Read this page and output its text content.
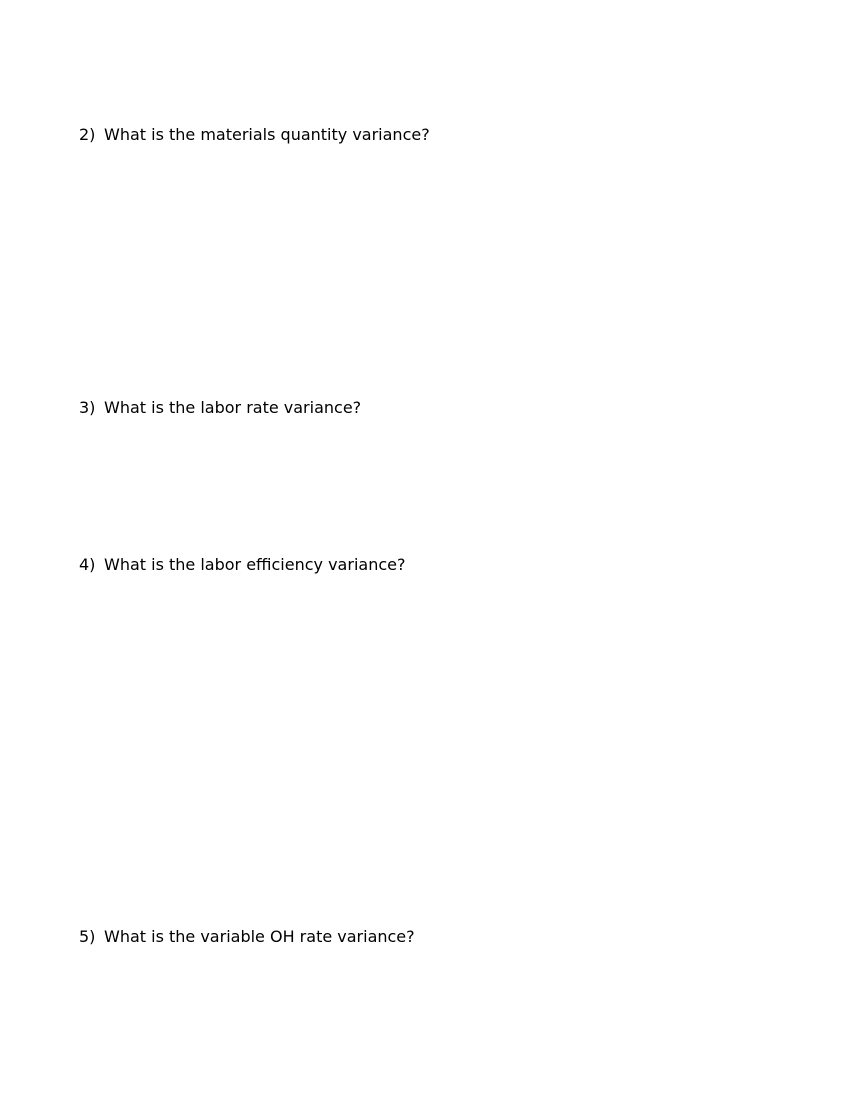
2) What is the materials quantity variance?
3) What is the labor rate variance?
4) What is the labor efficiency variance?
5) What is the variable OH rate variance?
